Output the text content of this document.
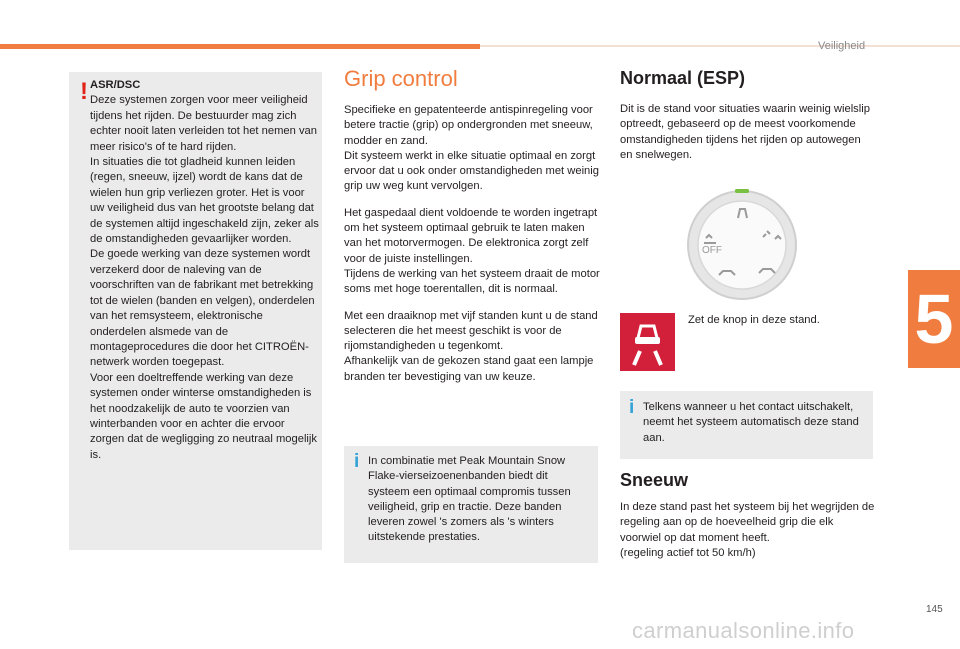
Veiligheid
5
! ASR/DSC

Deze systemen zorgen voor meer veiligheid tijdens het rijden. De bestuurder mag zich echter nooit laten verleiden tot het nemen van meer risico's of te hard rijden.

In situaties die tot gladheid kunnen leiden (regen, sneeuw, ijzel) wordt de kans dat de wielen hun grip verliezen groter. Het is voor uw veiligheid dus van het grootste belang dat de systemen altijd ingeschakeld zijn, zeker als de omstandigheden gevaarlijker worden.

De goede werking van deze systemen wordt verzekerd door de naleving van de voorschriften van de fabrikant met betrekking tot de wielen (banden en velgen), onderdelen van het remsysteem, elektronische onderdelen alsmede van de montageprocedures die door het CITROËN-netwerk worden toegepast.

Voor een doeltreffende werking van deze systemen onder winterse omstandigheden is het noodzakelijk de auto te voorzien van winterbanden voor en achter die ervoor zorgen dat de wegligging zo neutraal mogelijk is.

Grip control

Specifieke en gepatenteerde antispinregeling voor betere tractie (grip) op ondergronden met sneeuw, modder en zand.
Dit systeem werkt in elke situatie optimaal en zorgt ervoor dat u ook onder omstandigheden met weinig grip uw weg kunt vervolgen.

Het gaspedaal dient voldoende te worden ingetrapt om het systeem optimaal gebruik te laten maken van het motorvermogen. De elektronica zorgt zelf voor de juiste instellingen.
Tijdens de werking van het systeem draait de motor soms met hoge toerentallen, dit is normaal.

Met een draaiknop met vijf standen kunt u de stand selecteren die het meest geschikt is voor de rijomstandigheden u tegenkomt.
Afhankelijk van de gekozen stand gaat een lampje branden ter bevestiging van uw keuze.

i In combinatie met Peak Mountain Snow Flake-vierseizoenenbanden biedt dit systeem een optimaal compromis tussen veiligheid, grip en tractie. Deze banden leveren zowel 's zomers als 's winters uitstekende prestaties.
Normaal (ESP)

Dit is de stand voor situaties waarin weinig wielslip optreedt, gebaseerd op de meest voorkomende omstandigheden tijdens het rijden op autowegen en snelwegen.

OFF
Zet de knop in deze stand.
i Telkens wanneer u het contact uitschakelt, neemt het systeem automatisch deze stand aan.
Sneeuw

In deze stand past het systeem bij het wegrijden de regeling aan op de hoeveelheid grip die elk voorwiel op dat moment heeft.
(regeling actief tot 50 km/h)

145
carmanualsonline.info
